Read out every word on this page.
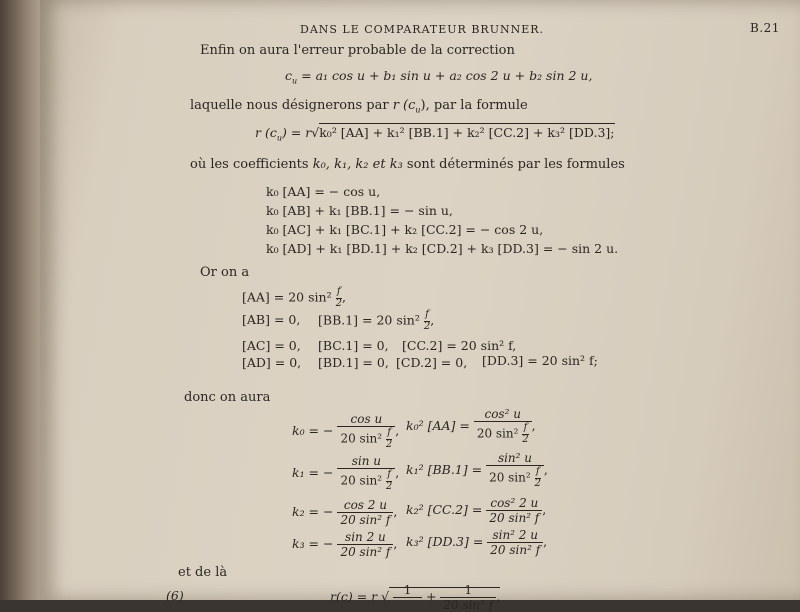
DANS LE COMPARATEUR BRUNNER.	B.21
Enfin on aura l'erreur probable de la correction
$c_u = a_1$ cos u + b₁ sin u + a₂ cos 2 u + b₂ sin 2 u,
laquelle nous désignerons par r $(c_u)$, par la formule
r $(c_u) = r√k_0^2$ [AA] + k₁² [BB.1] + k₂² [CC.2] + k₃² [DD.3];
où les coefficients k₀, k₁, k₂ et k₃ sont déterminés par les formules
k₀ [AA] = − cos u,
k₀ [AB] + k₁ [BB.1] = − sin u,
k₀ [AC] + k₁ [BC.1] + k₂ [CC.2] = − cos 2 u,
k₀ [AD] + k₁ [BD.1] + k₂ [CD.2] + k₃ [DD.3] = − sin 2 u.
Or on a
[AA] = 20 $\sin^2 \frac{f}{2}$ ,
[AB] = 0, [BB.1] = 20 $\sin^2 \frac{f}{2}$ ,
[AC] = 0, [BC.1] = 0, [CC.2] = 20 sin² f,
[AD] = 0, [BD.1] = 0, [CD.2] = 0, [DD.3] = 20 sin² f;
donc on aura
k₀ = − $\frac{\text{cos u}}{20 \sin^2 \frac{f}{2}}$ , k₀² $[AA] = \frac{\text{cos² u}}{20 \sin^2 \frac{f}{2}}$ ,
k₁ = − $\frac{\text{sin u}}{20 \sin^2 \frac{f}{2}}$ , k₁² $[BB.1] = \frac{\text{sin² u}}{20 \sin^2 \frac{f}{2}}$ ,
k₂ = − $\frac{\cos 2 u}{\text{20 sin² f}}$ , k₂² $[CC.2] = \frac{\text{cos² 2 u}}{\text{20 sin² f}}$ ,
k₃ = − $\frac{\sin 2 u}{\text{20 sin² f}}$ , k₃² $[DD.3] = \frac{\text{sin² 2 u}}{\text{20 sin² f}}$ ,
et de là
(6)	r(c) = r √	1
	+ $\frac{1}{\text{20 sin² f}}$ ,
